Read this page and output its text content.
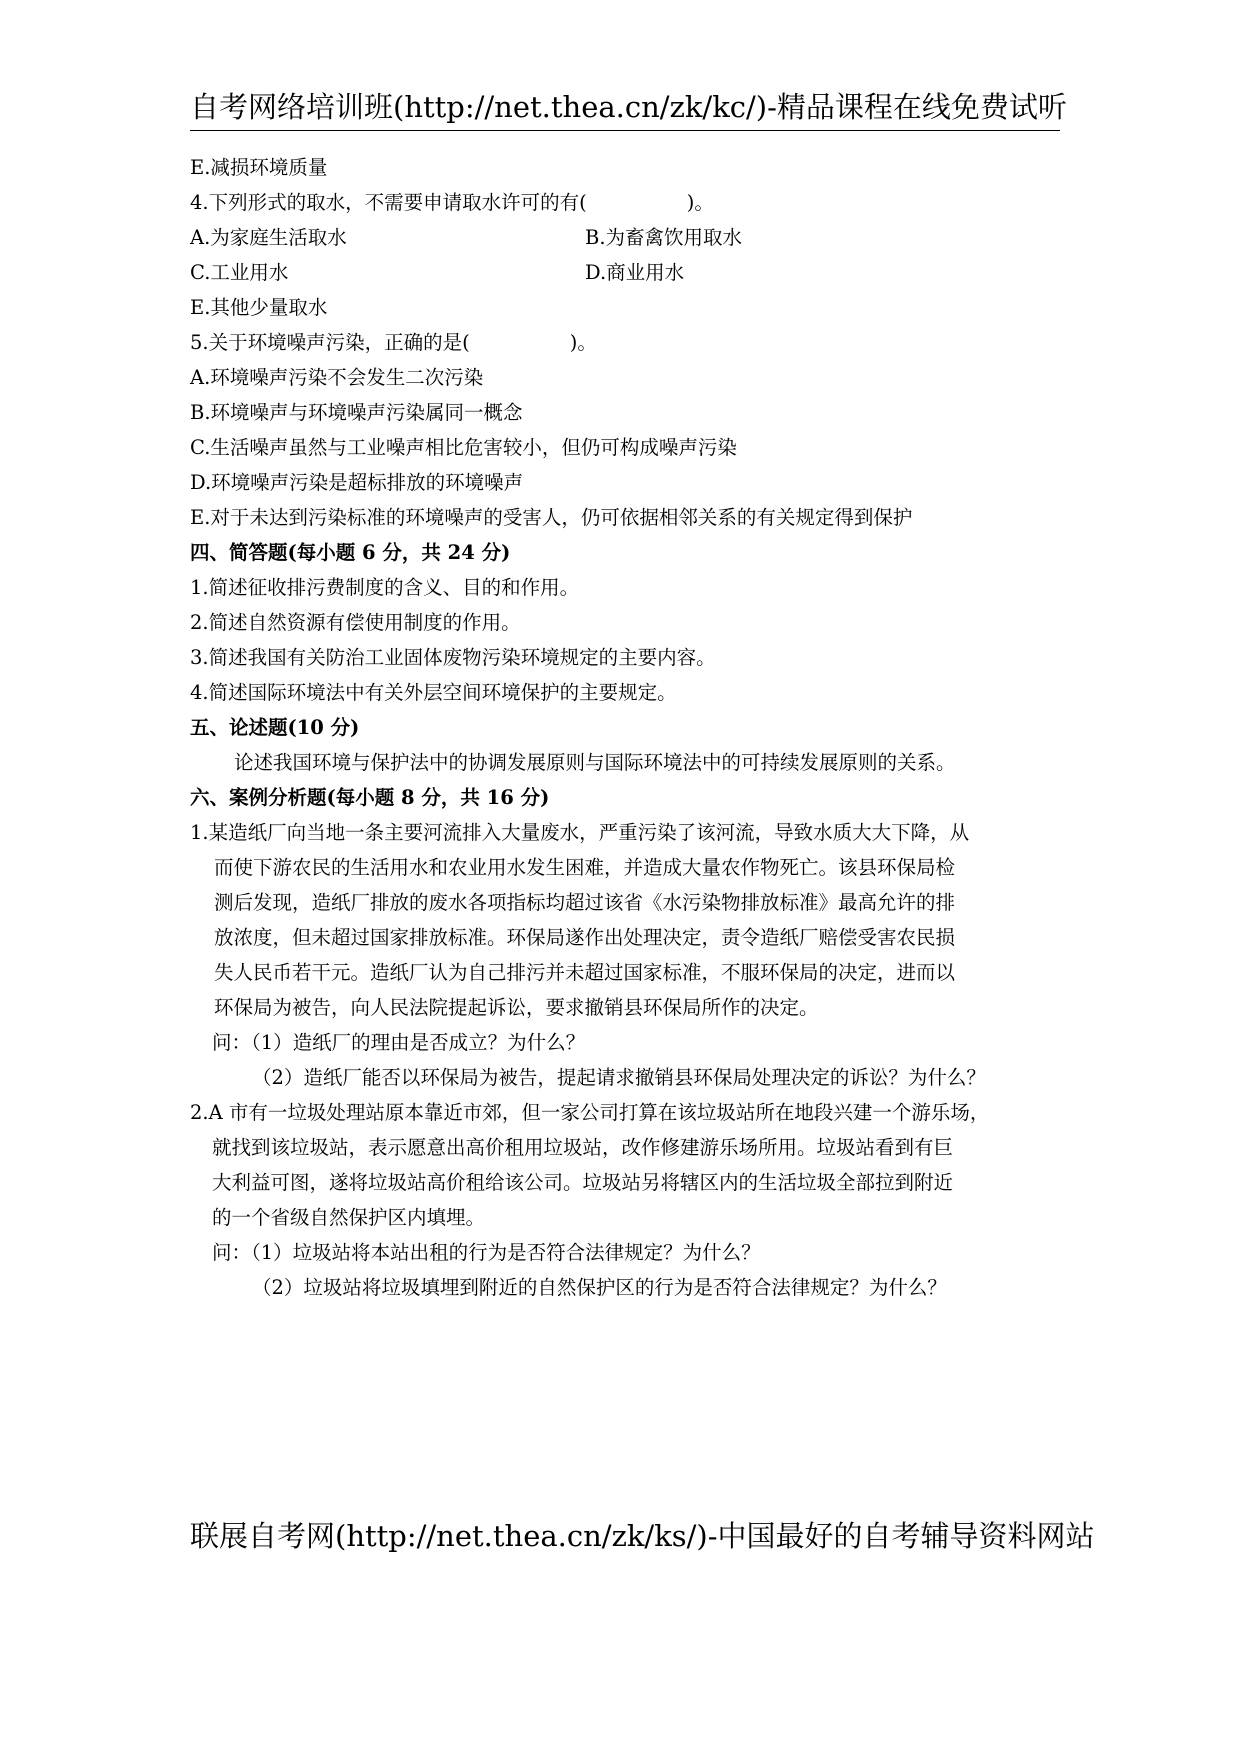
自考网络培训班(http://net.thea.cn/zk/kc/)-精品课程在线免费试听
E.减损环境质量
4.下列形式的取水，不需要申请取水许可的有(	)。
A.为家庭生活取水	B.为畜禽饮用取水
C.工业用水	D.商业用水
E.其他少量取水
5.关于环境噪声污染，正确的是(	)。
A.环境噪声污染不会发生二次污染
B.环境噪声与环境噪声污染属同一概念
C.生活噪声虽然与工业噪声相比危害较小，但仍可构成噪声污染
D.环境噪声污染是超标排放的环境噪声
E.对于未达到污染标准的环境噪声的受害人，仍可依据相邻关系的有关规定得到保护
四、简答题(每小题 6 分，共 24 分)
1.简述征收排污费制度的含义、目的和作用。
2.简述自然资源有偿使用制度的作用。
3.简述我国有关防治工业固体废物污染环境规定的主要内容。
4.简述国际环境法中有关外层空间环境保护的主要规定。
五、论述题(10 分)
论述我国环境与保护法中的协调发展原则与国际环境法中的可持续发展原则的关系。
六、案例分析题(每小题 8 分，共 16 分)
1.某造纸厂向当地一条主要河流排入大量废水，严重污染了该河流，导致水质大大下降，从
而使下游农民的生活用水和农业用水发生困难，并造成大量农作物死亡。该县环保局检
测后发现，造纸厂排放的废水各项指标均超过该省《水污染物排放标准》最高允许的排
放浓度，但未超过国家排放标准。环保局遂作出处理决定，责令造纸厂赔偿受害农民损
失人民币若干元。造纸厂认为自己排污并未超过国家标准，不服环保局的决定，进而以
环保局为被告，向人民法院提起诉讼，要求撤销县环保局所作的决定。
问：（1）造纸厂的理由是否成立？为什么？
（2）造纸厂能否以环保局为被告，提起请求撤销县环保局处理决定的诉讼？为什么？
2.A 市有一垃圾处理站原本靠近市郊，但一家公司打算在该垃圾站所在地段兴建一个游乐场，
就找到该垃圾站，表示愿意出高价租用垃圾站，改作修建游乐场所用。垃圾站看到有巨
大利益可图，遂将垃圾站高价租给该公司。垃圾站另将辖区内的生活垃圾全部拉到附近
的一个省级自然保护区内填埋。
问：（1）垃圾站将本站出租的行为是否符合法律规定？为什么？
（2）垃圾站将垃圾填埋到附近的自然保护区的行为是否符合法律规定？为什么？
联展自考网(http://net.thea.cn/zk/ks/)-中国最好的自考辅导资料网站
